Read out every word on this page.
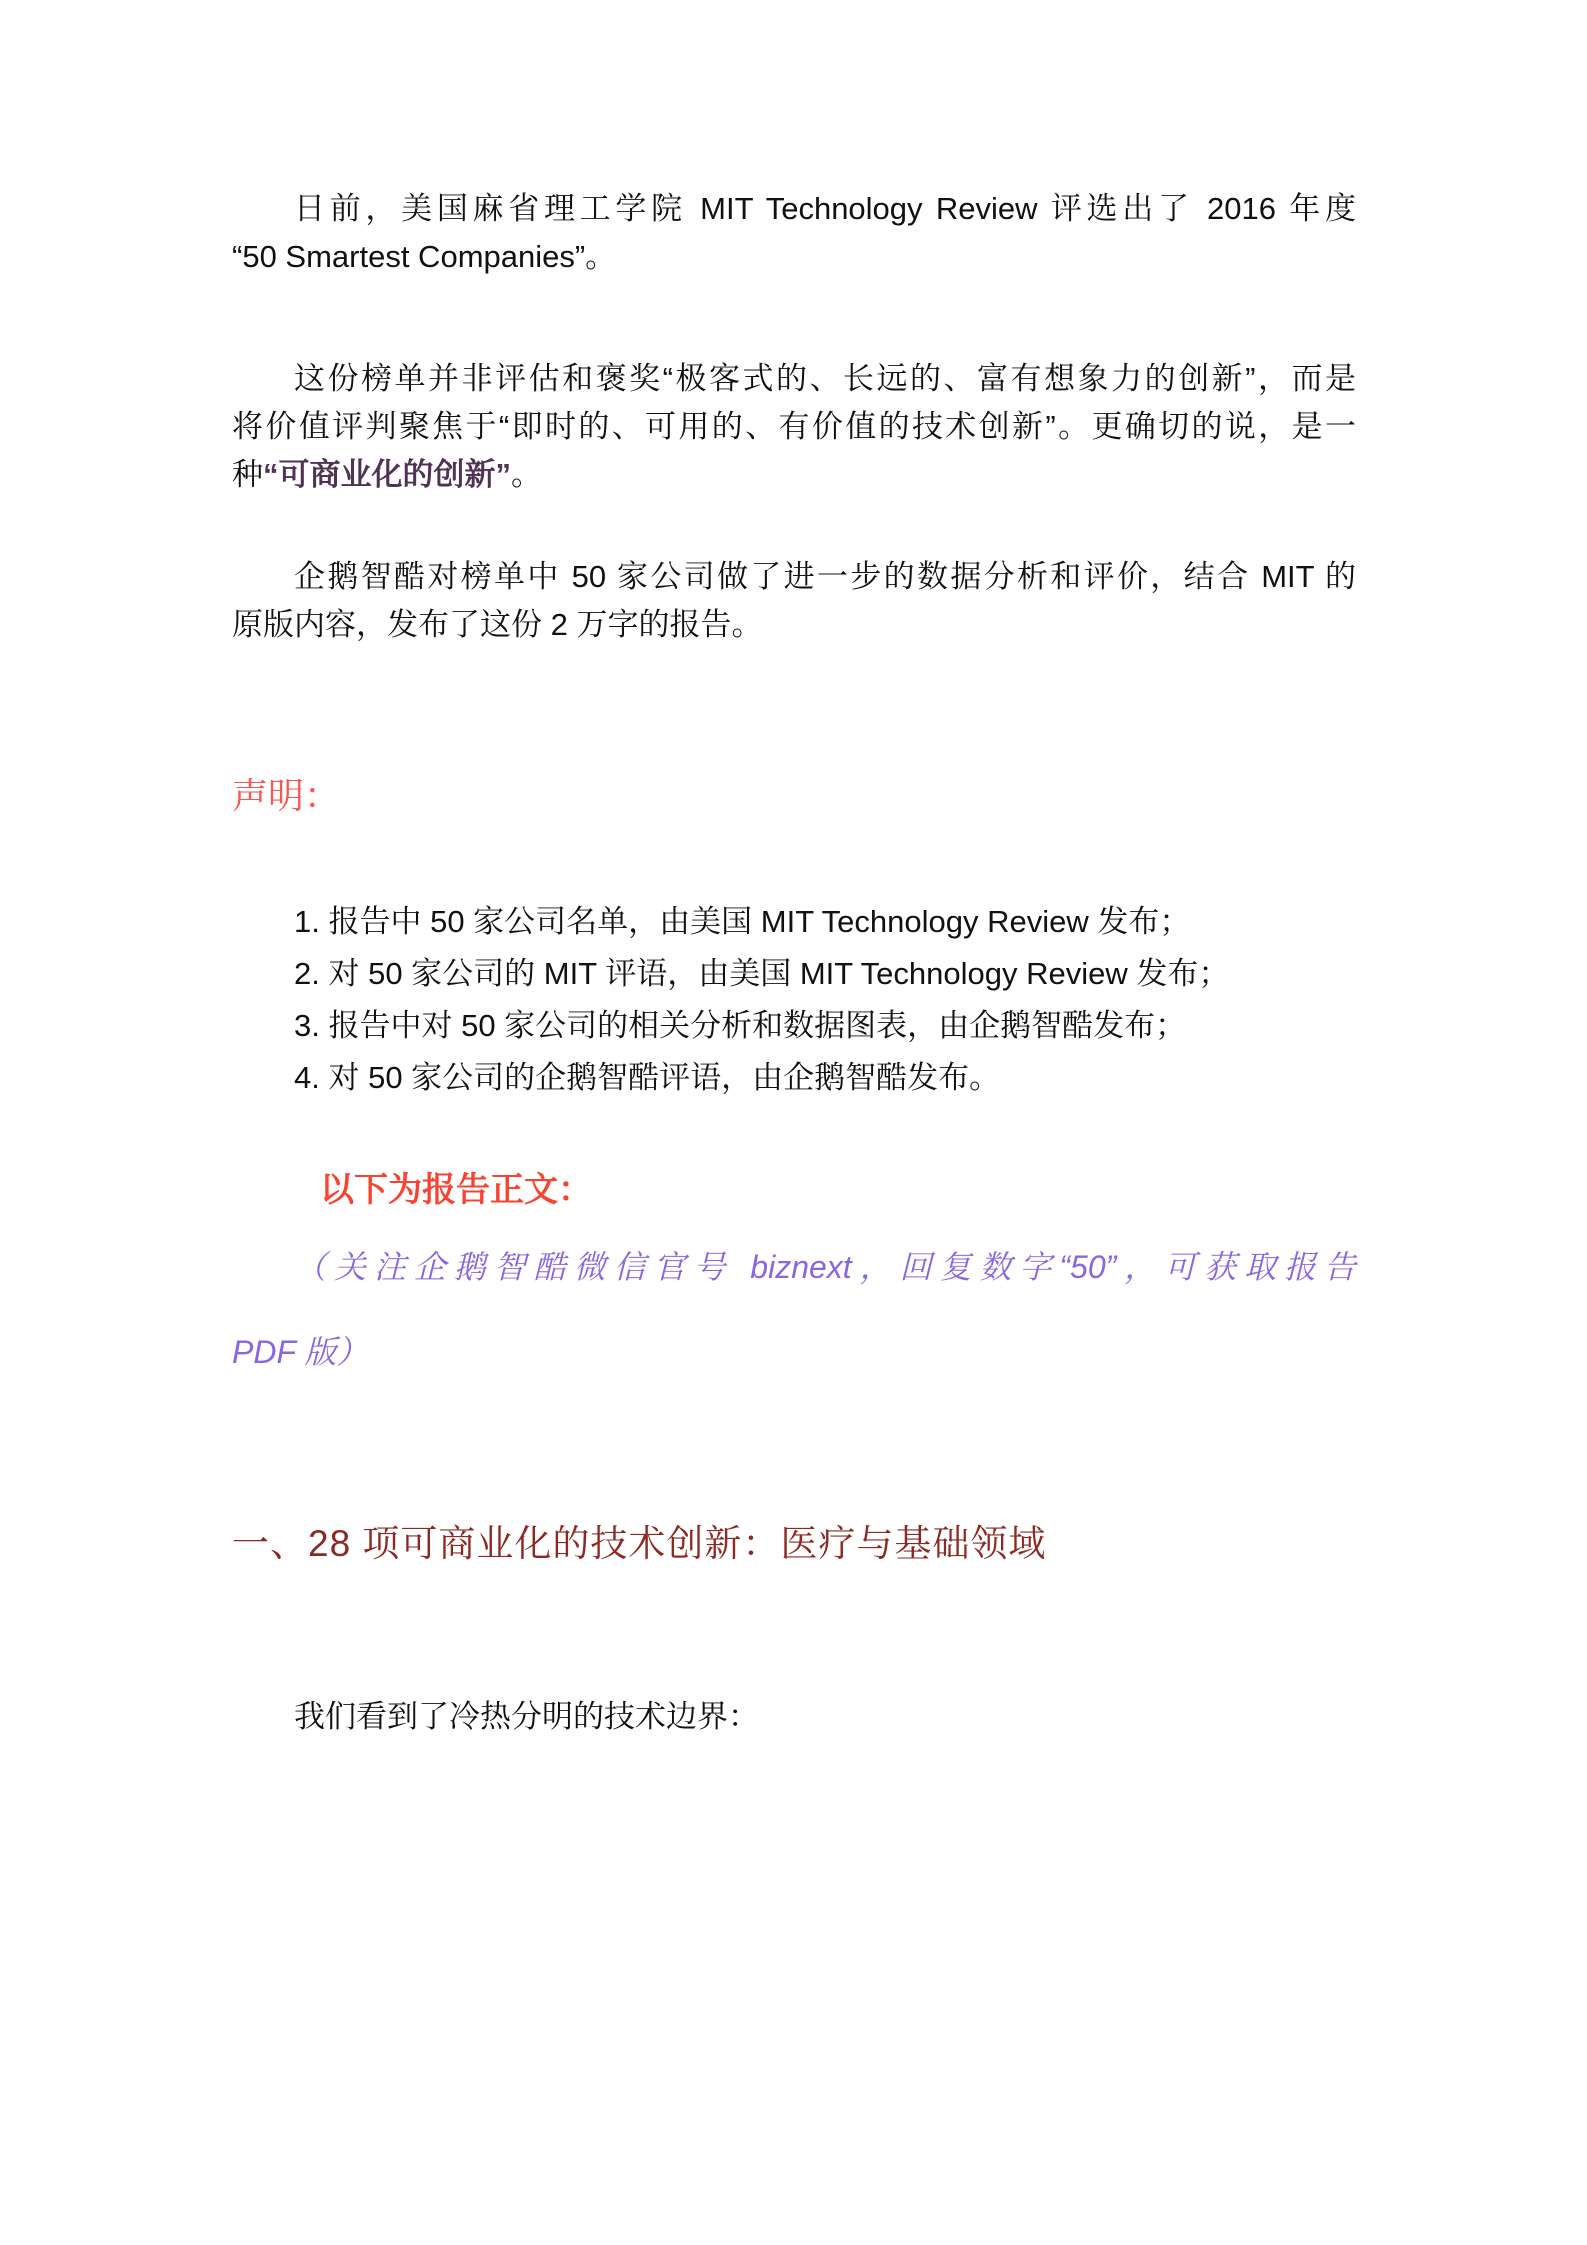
日前，美国麻省理工学院 MIT Technology Review 评选出了 2016 年度
“50 Smartest Companies”。
这份榜单并非评估和褒奖“极客式的、长远的、富有想象力的创新”，而是
将价值评判聚焦于“即时的、可用的、有价值的技术创新”。更确切的说，是一
种“可商业化的创新”。
企鹅智酷对榜单中 50 家公司做了进一步的数据分析和评价，结合 MIT 的
原版内容，发布了这份 2 万字的报告。
声明：
1. 报告中 50 家公司名单，由美国 MIT Technology Review 发布；
2. 对 50 家公司的 MIT 评语，由美国 MIT Technology Review 发布；
3. 报告中对 50 家公司的相关分析和数据图表，由企鹅智酷发布；
4. 对 50 家公司的企鹅智酷评语，由企鹅智酷发布。
以下为报告正文：
（关注企鹅智酷微信官号 biznext，回复数字“50”，可获取报告
PDF 版）
一、28 项可商业化的技术创新：医疗与基础领域
我们看到了冷热分明的技术边界：
